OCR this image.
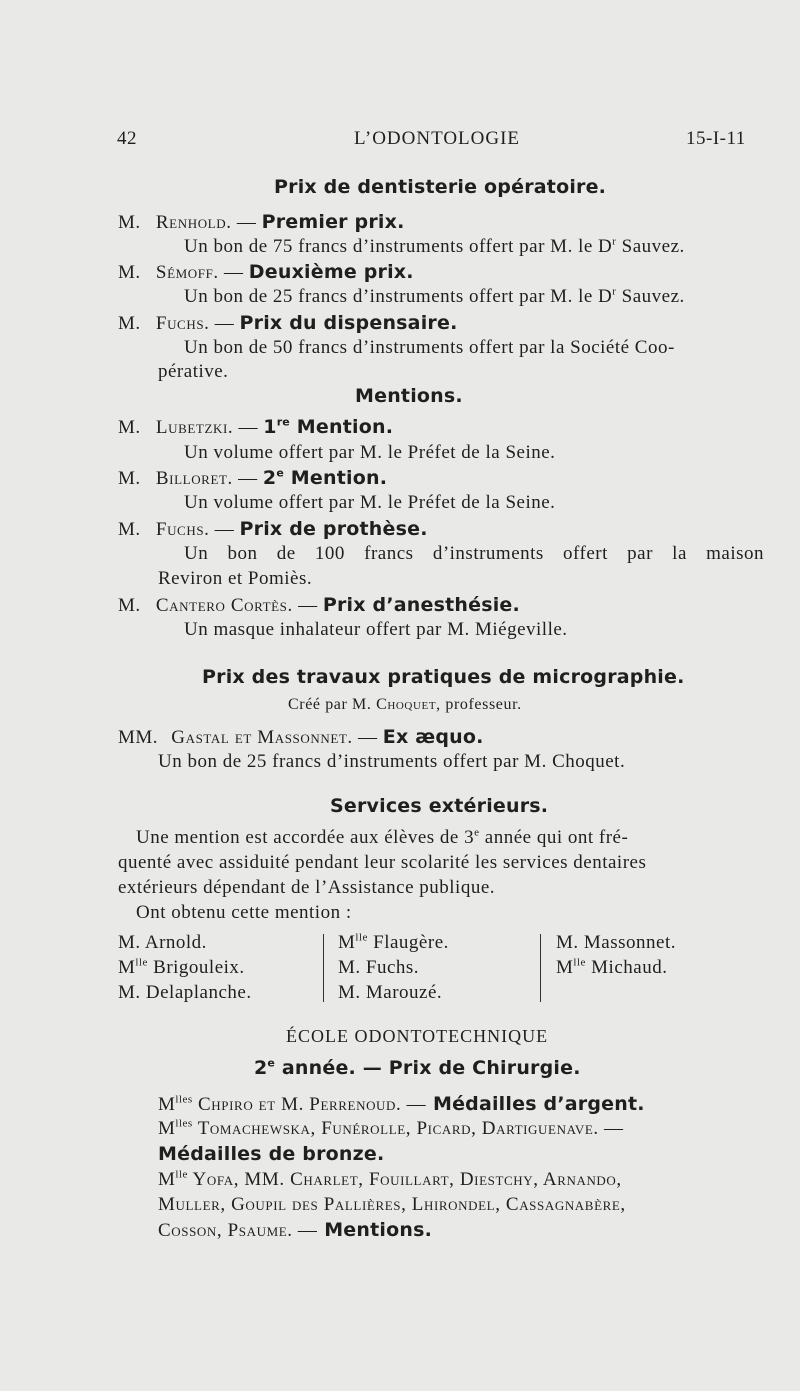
42	L’ODONTOLOGIE	15-I-11
Prix de dentisterie opératoire.
M. Renhold. — Premier prix.
Un bon de 75 francs d’instruments offert par M. le $D^r$ Sauvez.
M. Sémoff. — Deuxième prix.
Un bon de 25 francs d’instruments offert par M. le $D^r$ Sauvez.
M. Fuchs. — Prix du dispensaire.
Un bon de 50 francs d’instruments offert par la Société Coo-
pérative.
Mentions.
M. Lubetzki. — 1re Mention.
Un volume offert par M. le Préfet de la Seine.
M. Billoret. — 2e Mention.
Un volume offert par M. le Préfet de la Seine.
M. Fuchs. — Prix de prothèse.
Un bon de 100 francs d’instruments offert par la maison
Reviron et Pomiès.
M. Cantero Cortès. — Prix d’anesthésie.
Un masque inhalateur offert par M. Miégeville.
Prix des travaux pratiques de micrographie.
Créé par M. Choquet, professeur.
MM. Gastal et Massonnet. — Ex æquo.
Un bon de 25 francs d’instruments offert par M. Choquet.
Services extérieurs.
Une mention est accordée aux élèves de 3e année qui ont fré-
quenté avec assiduité pendant leur scolarité les services dentaires
extérieurs dépendant de l’Assistance publique.
Ont obtenu cette mention :
M. Arnold.
$M^{lle}$ Brigouleix.
M. Delaplanche.
$M^{lle}$ Flaugère.
M. Fuchs.
M. Marouzé.
M. Massonnet.
$M^{lle}$ Michaud.
ÉCOLE ODONTOTECHNIQUE
2e année. — Prix de Chirurgie.
$M^{lles}$ Chpiro et M. Perrenoud. — Médailles d’argent.
$M^{lles}$ Tomachewska, Funérolle, Picard, Dartiguenave. —
Médailles de bronze.
$M^{lle}$ Yofa, MM. Charlet, Fouillart, Diestchy, Arnando,
Muller, Goupil des Pallières, Lhirondel, Cassagnabère,
Cosson, Psaume. — Mentions.
